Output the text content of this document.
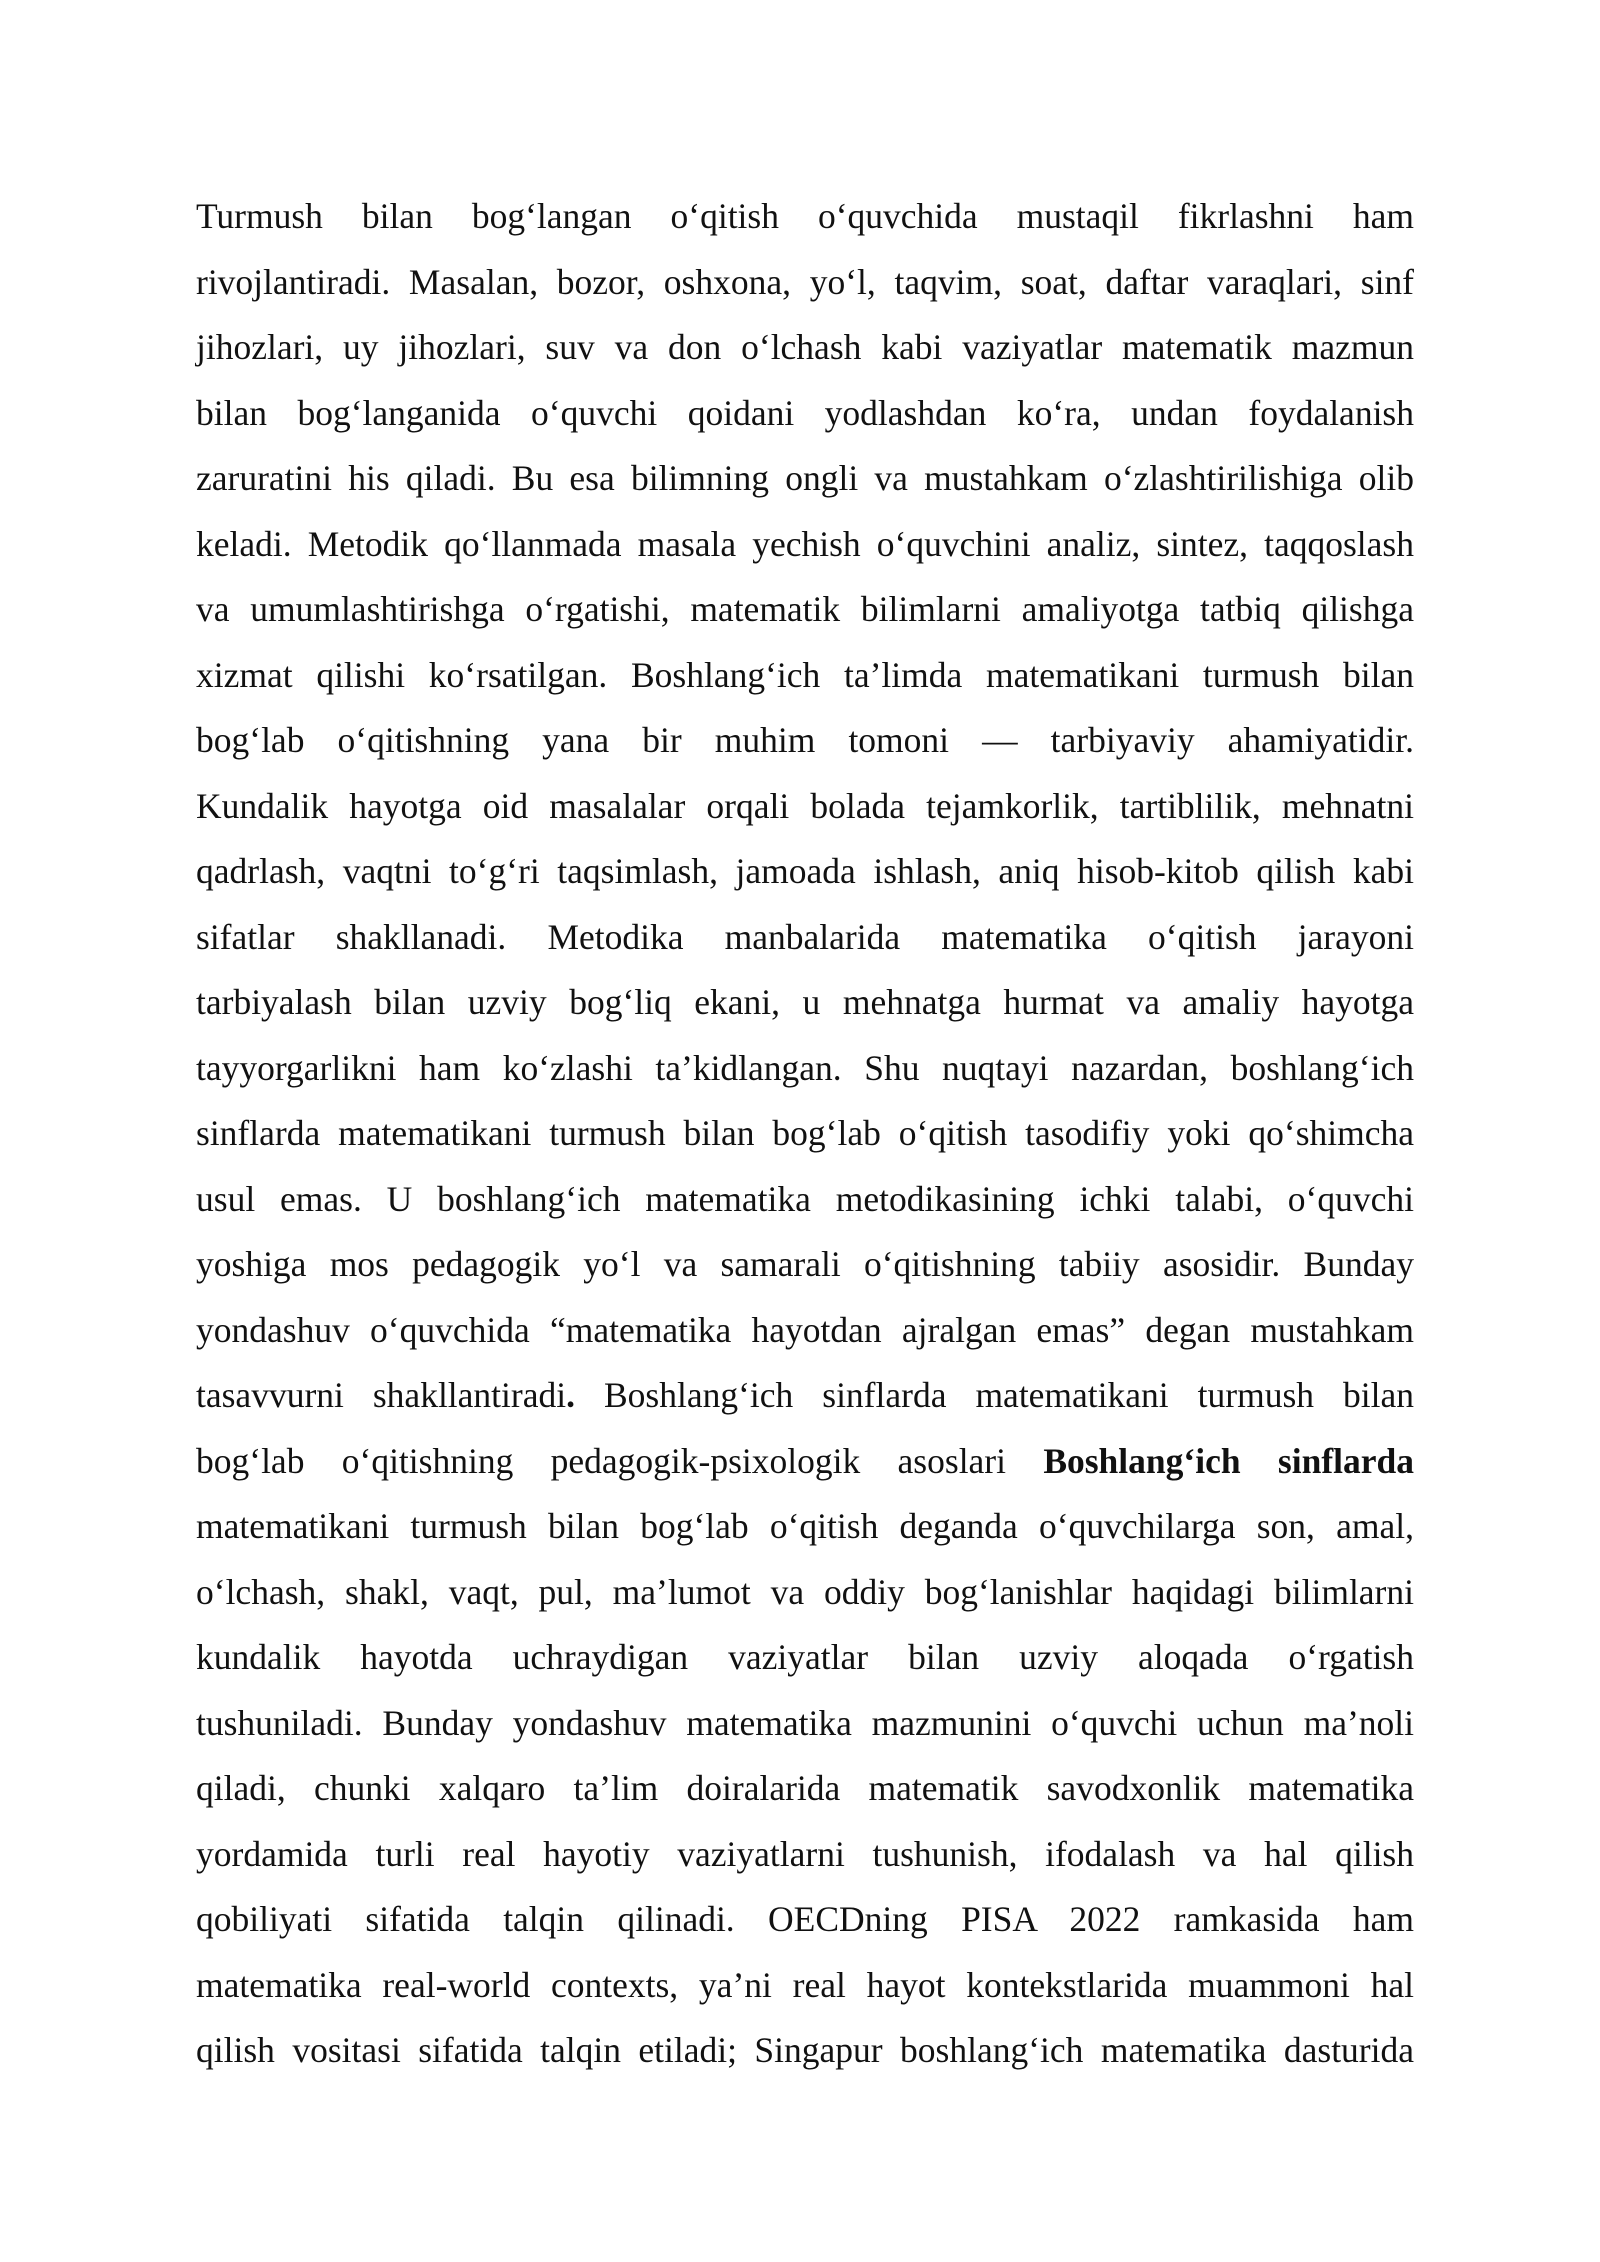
Turmush bilan bog‘langan o‘qitish o‘quvchida mustaqil fikrlashni ham
rivojlantiradi. Masalan, bozor, oshxona, yo‘l, taqvim, soat, daftar varaqlari, sinf
jihozlari, uy jihozlari, suv va don o‘lchash kabi vaziyatlar matematik mazmun
bilan bog‘langanida o‘quvchi qoidani yodlashdan ko‘ra, undan foydalanish
zaruratini his qiladi. Bu esa bilimning ongli va mustahkam o‘zlashtirilishiga olib
keladi. Metodik qo‘llanmada masala yechish o‘quvchini analiz, sintez, taqqoslash
va umumlashtirishga o‘rgatishi, matematik bilimlarni amaliyotga tatbiq qilishga
xizmat qilishi ko‘rsatilgan. Boshlang‘ich ta’limda matematikani turmush bilan
bog‘lab o‘qitishning yana bir muhim tomoni — tarbiyaviy ahamiyatidir.
Kundalik hayotga oid masalalar orqali bolada tejamkorlik, tartiblilik, mehnatni
qadrlash, vaqtni to‘g‘ri taqsimlash, jamoada ishlash, aniq hisob-kitob qilish kabi
sifatlar shakllanadi. Metodika manbalarida matematika o‘qitish jarayoni
tarbiyalash bilan uzviy bog‘liq ekani, u mehnatga hurmat va amaliy hayotga
tayyorgarlikni ham ko‘zlashi ta’kidlangan. Shu nuqtayi nazardan, boshlang‘ich
sinflarda matematikani turmush bilan bog‘lab o‘qitish tasodifiy yoki qo‘shimcha
usul emas. U boshlang‘ich matematika metodikasining ichki talabi, o‘quvchi
yoshiga mos pedagogik yo‘l va samarali o‘qitishning tabiiy asosidir. Bunday
yondashuv o‘quvchida “matematika hayotdan ajralgan emas” degan mustahkam
tasavvurni shakllantiradi. Boshlang‘ich sinflarda matematikani turmush bilan
bog‘lab o‘qitishning pedagogik-psixologik asoslari Boshlang‘ich sinflarda
matematikani turmush bilan bog‘lab o‘qitish deganda o‘quvchilarga son, amal,
o‘lchash, shakl, vaqt, pul, ma’lumot va oddiy bog‘lanishlar haqidagi bilimlarni
kundalik hayotda uchraydigan vaziyatlar bilan uzviy aloqada o‘rgatish
tushuniladi. Bunday yondashuv matematika mazmunini o‘quvchi uchun ma’noli
qiladi, chunki xalqaro ta’lim doiralarida matematik savodxonlik matematika
yordamida turli real hayotiy vaziyatlarni tushunish, ifodalash va hal qilish
qobiliyati sifatida talqin qilinadi. OECDning PISA 2022 ramkasida ham
matematika real-world contexts, ya’ni real hayot kontekstlarida muammoni hal
qilish vositasi sifatida talqin etiladi; Singapur boshlang‘ich matematika dasturida
